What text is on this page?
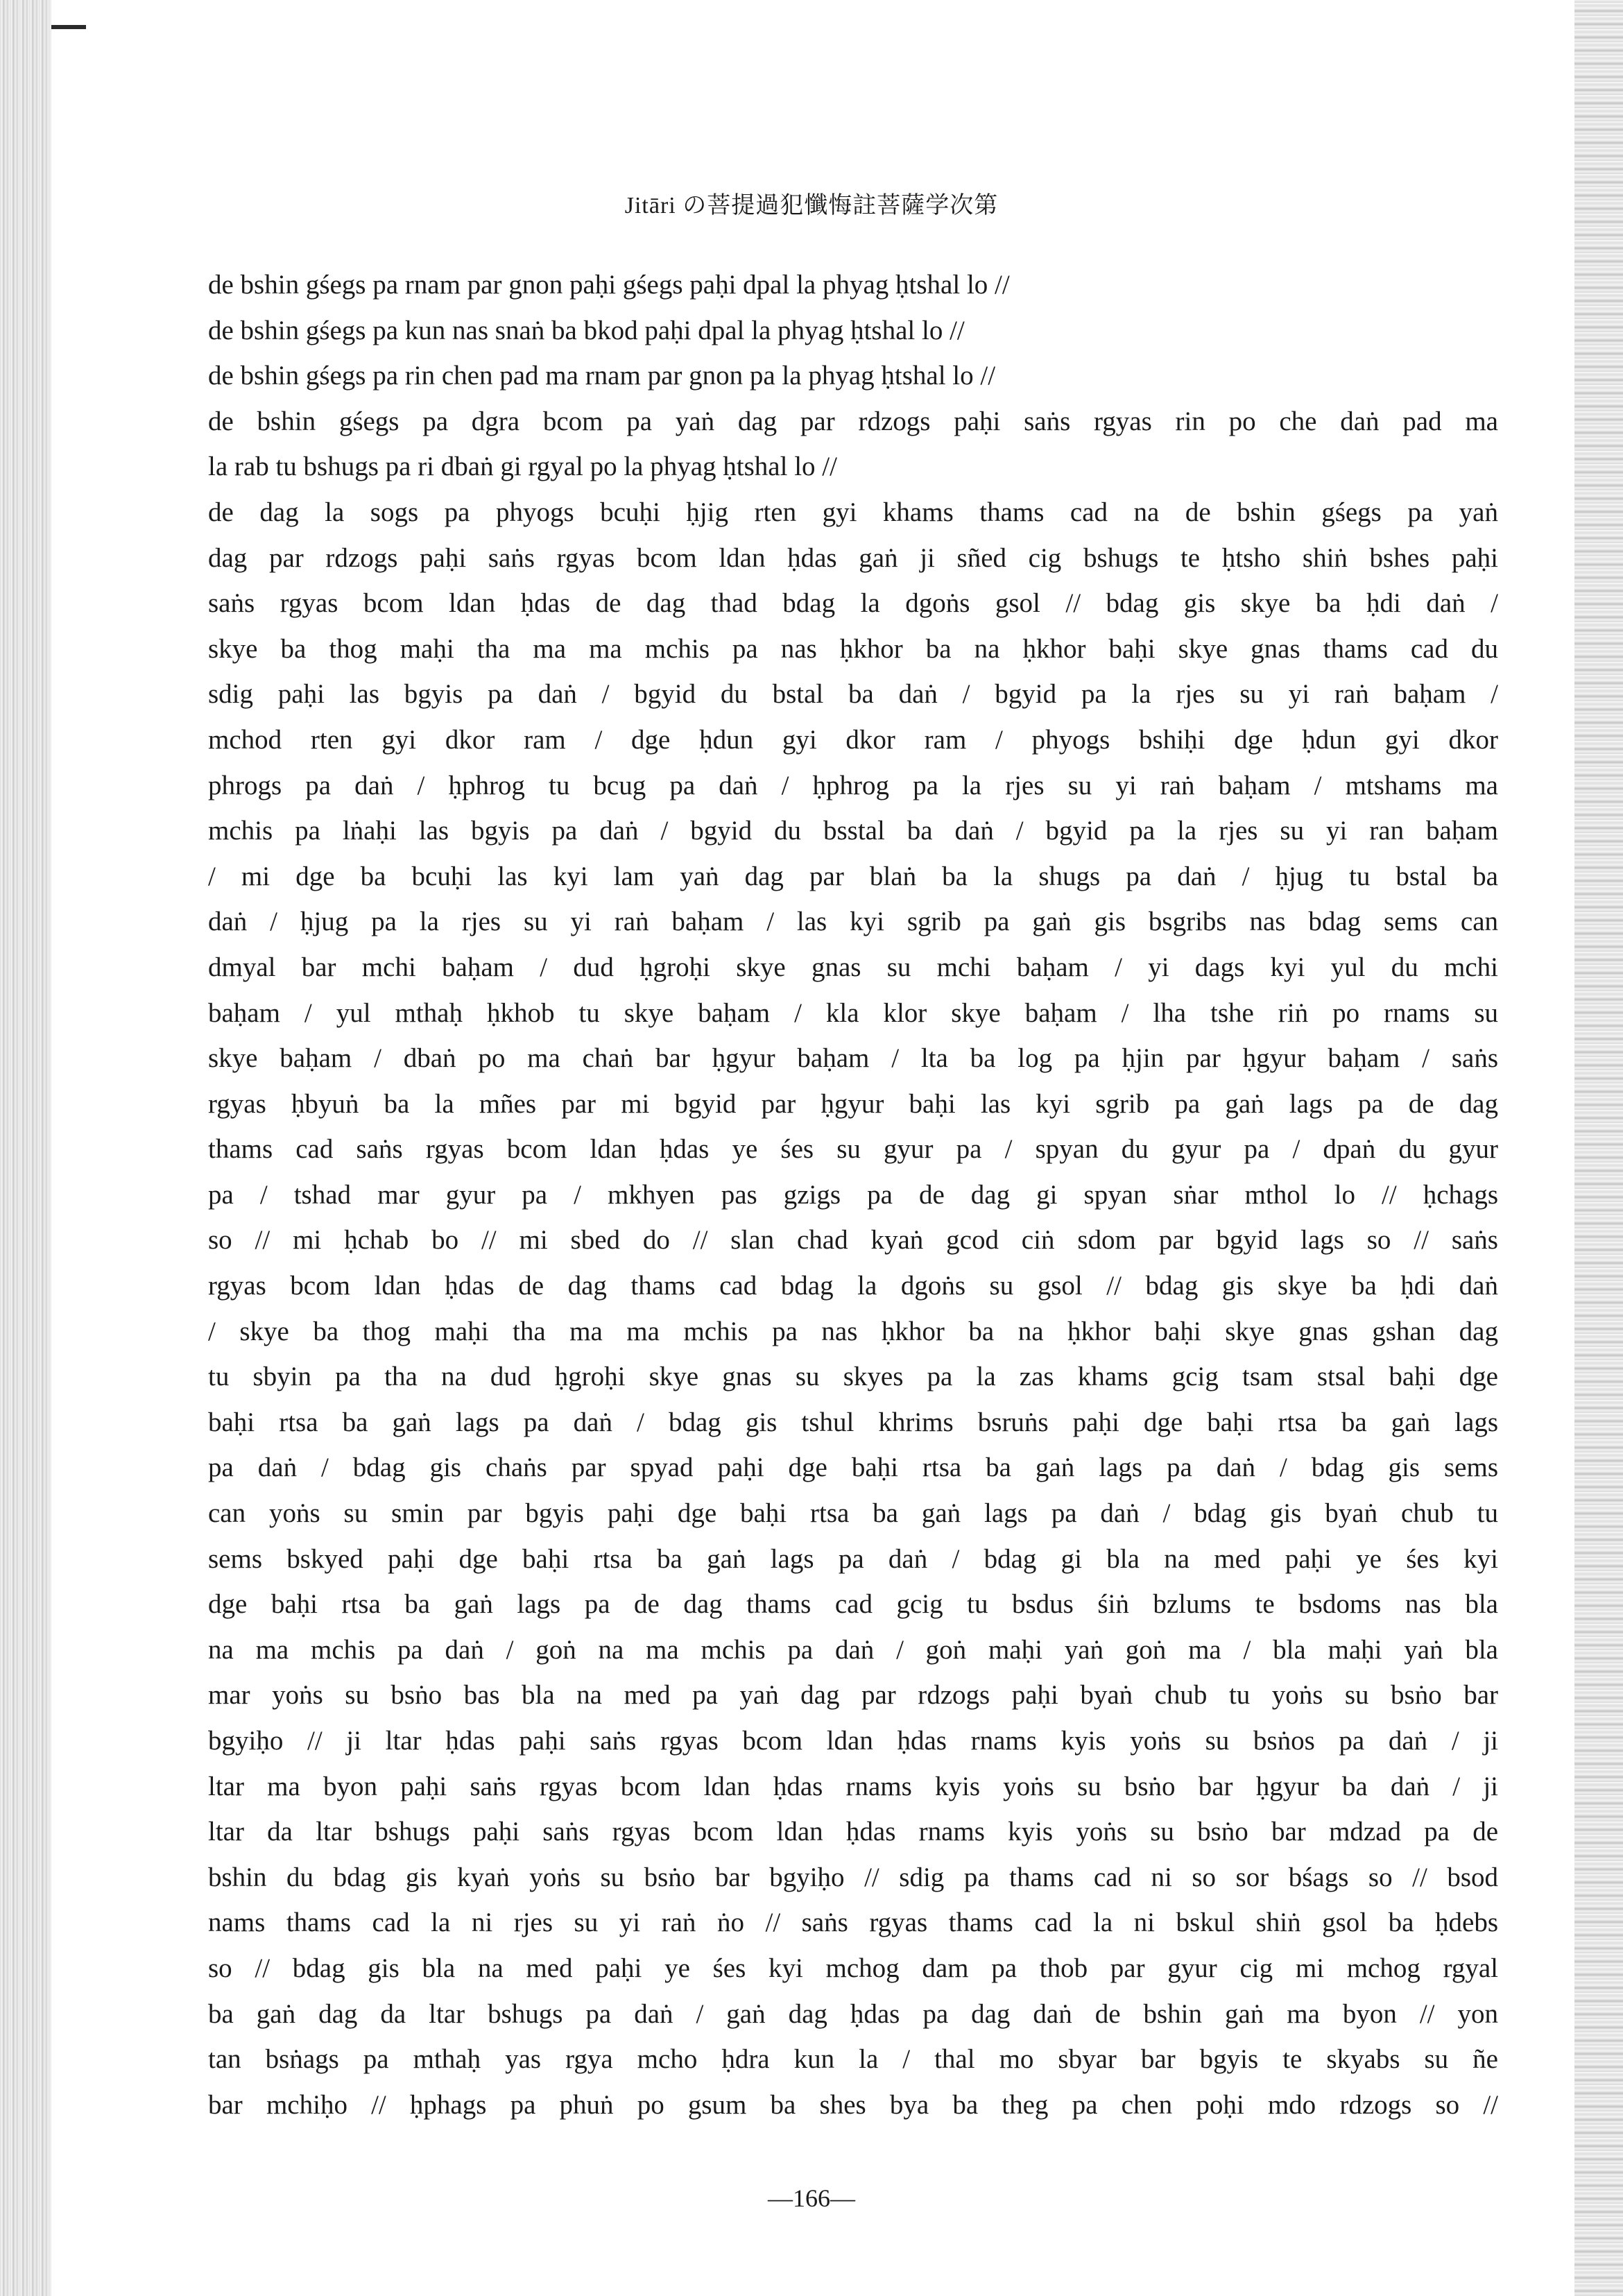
Jitāri の菩提過犯懺悔註菩薩学次第
de bshin gśegs pa rnam par gnon paḥi gśegs paḥi dpal la phyag ḥtshal lo //
de bshin gśegs pa kun nas snaṅ ba bkod paḥi dpal la phyag ḥtshal lo //
de bshin gśegs pa rin chen pad ma rnam par gnon pa la phyag ḥtshal lo //
de bshin gśegs pa dgra bcom pa yaṅ dag par rdzogs paḥi saṅs rgyas rin po che daṅ pad ma
la rab tu bshugs pa ri dbaṅ gi rgyal po la phyag ḥtshal lo //
de dag la sogs pa phyogs bcuḥi ḥjig rten gyi khams thams cad na de bshin gśegs pa yaṅ
dag par rdzogs paḥi saṅs rgyas bcom ldan ḥdas gaṅ ji sñed cig bshugs te ḥtsho shiṅ bshes paḥi
saṅs rgyas bcom ldan ḥdas de dag thad bdag la dgoṅs gsol // bdag gis skye ba ḥdi daṅ /
skye ba thog maḥi tha ma ma mchis pa nas ḥkhor ba na ḥkhor baḥi skye gnas thams cad du
sdig paḥi las bgyis pa daṅ / bgyid du bstal ba daṅ / bgyid pa la rjes su yi raṅ baḥam /
mchod rten gyi dkor ram / dge ḥdun gyi dkor ram / phyogs bshiḥi dge ḥdun gyi dkor
phrogs pa daṅ / ḥphrog tu bcug pa daṅ / ḥphrog pa la rjes su yi raṅ baḥam / mtshams ma
mchis pa lṅaḥi las bgyis pa daṅ / bgyid du bsstal ba daṅ / bgyid pa la rjes su yi ran baḥam
/ mi dge ba bcuḥi las kyi lam yaṅ dag par blaṅ ba la shugs pa daṅ / ḥjug tu bstal ba
daṅ / ḥjug pa la rjes su yi raṅ baḥam / las kyi sgrib pa gaṅ gis bsgribs nas bdag sems can
dmyal bar mchi baḥam / dud ḥgroḥi skye gnas su mchi baḥam / yi dags kyi yul du mchi
baḥam / yul mthaḥ ḥkhob tu skye baḥam / kla klor skye baḥam / lha tshe riṅ po rnams su
skye baḥam / dbaṅ po ma chaṅ bar ḥgyur baḥam / lta ba log pa ḥjin par ḥgyur baḥam / saṅs
rgyas ḥbyuṅ ba la mñes par mi bgyid par ḥgyur baḥi las kyi sgrib pa gaṅ lags pa de dag
thams cad saṅs rgyas bcom ldan ḥdas ye śes su gyur pa / spyan du gyur pa / dpaṅ du gyur
pa / tshad mar gyur pa / mkhyen pas gzigs pa de dag gi spyan sṅar mthol lo // ḥchags
so // mi ḥchab bo // mi sbed do // slan chad kyaṅ gcod ciṅ sdom par bgyid lags so // saṅs
rgyas bcom ldan ḥdas de dag thams cad bdag la dgoṅs su gsol // bdag gis skye ba ḥdi daṅ
/ skye ba thog maḥi tha ma ma mchis pa nas ḥkhor ba na ḥkhor baḥi skye gnas gshan dag
tu sbyin pa tha na dud ḥgroḥi skye gnas su skyes pa la zas khams gcig tsam stsal baḥi dge
baḥi rtsa ba gaṅ lags pa daṅ / bdag gis tshul khrims bsruṅs paḥi dge baḥi rtsa ba gaṅ lags
pa daṅ / bdag gis chaṅs par spyad paḥi dge baḥi rtsa ba gaṅ lags pa daṅ / bdag gis sems
can yoṅs su smin par bgyis paḥi dge baḥi rtsa ba gaṅ lags pa daṅ / bdag gis byaṅ chub tu
sems bskyed paḥi dge baḥi rtsa ba gaṅ lags pa daṅ / bdag gi bla na med paḥi ye śes kyi
dge baḥi rtsa ba gaṅ lags pa de dag thams cad gcig tu bsdus śiṅ bzlums te bsdoms nas bla
na ma mchis pa daṅ / goṅ na ma mchis pa daṅ / goṅ maḥi yaṅ goṅ ma / bla maḥi yaṅ bla
mar yoṅs su bsṅo bas bla na med pa yaṅ dag par rdzogs paḥi byaṅ chub tu yoṅs su bsṅo bar
bgyiḥo // ji ltar ḥdas paḥi saṅs rgyas bcom ldan ḥdas rnams kyis yoṅs su bsṅos pa daṅ / ji
ltar ma byon paḥi saṅs rgyas bcom ldan ḥdas rnams kyis yoṅs su bsṅo bar ḥgyur ba daṅ / ji
ltar da ltar bshugs paḥi saṅs rgyas bcom ldan ḥdas rnams kyis yoṅs su bsṅo bar mdzad pa de
bshin du bdag gis kyaṅ yoṅs su bsṅo bar bgyiḥo // sdig pa thams cad ni so sor bśags so // bsod
nams thams cad la ni rjes su yi raṅ ṅo // saṅs rgyas thams cad la ni bskul shiṅ gsol ba ḥdebs
so // bdag gis bla na med paḥi ye śes kyi mchog dam pa thob par gyur cig mi mchog rgyal
ba gaṅ dag da ltar bshugs pa daṅ / gaṅ dag ḥdas pa dag daṅ de bshin gaṅ ma byon // yon
tan bsṅags pa mthaḥ yas rgya mcho ḥdra kun la / thal mo sbyar bar bgyis te skyabs su ñe
bar mchiḥo // ḥphags pa phuṅ po gsum ba shes bya ba theg pa chen poḥi mdo rdzogs so //
—166—
